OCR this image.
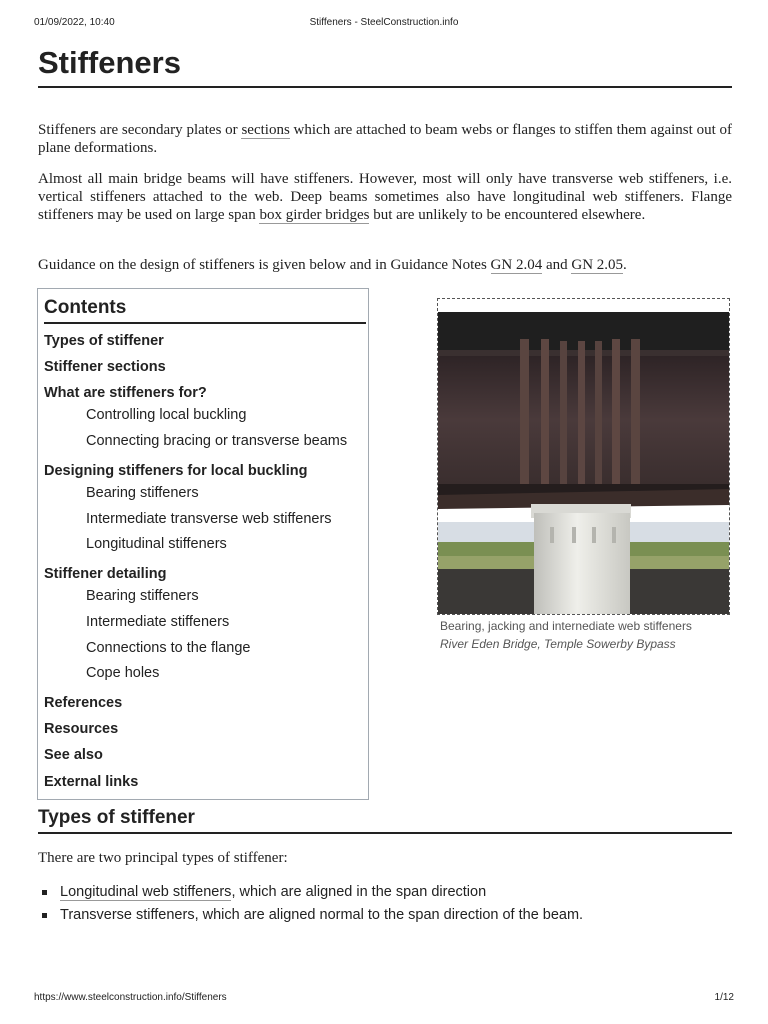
01/09/2022, 10:40	Stiffeners - SteelConstruction.info
Stiffeners

Stiffeners are secondary plates or sections which are attached to beam webs or flanges to stiffen them against out of plane deformations.

Almost all main bridge beams will have stiffeners. However, most will only have transverse web stiffeners, i.e. vertical stiffeners attached to the web. Deep beams sometimes also have longitudinal web stiffeners. Flange stiffeners may be used on large span box girder bridges but are unlikely to be encountered elsewhere.

Guidance on the design of stiffeners is given below and in Guidance Notes GN 2.04 and GN 2.05.

Contents
Types of stiffener
Stiffener sections
What are stiffeners for?
Controlling local buckling
Connecting bracing or transverse beams
Designing stiffeners for local buckling
Bearing stiffeners
Intermediate transverse web stiffeners
Longitudinal stiffeners
Stiffener detailing
Bearing stiffeners
Intermediate stiffeners
Connections to the flange
Cope holes
References
Resources
See also
External links
Bearing, jacking and internediate web stiffeners
River Eden Bridge, Temple Sowerby Bypass
Types of stiffener

There are two principal types of stiffener:

Longitudinal web stiffeners, which are aligned in the span direction
Transverse stiffeners, which are aligned normal to the span direction of the beam.
https://www.steelconstruction.info/Stiffeners	1/12
